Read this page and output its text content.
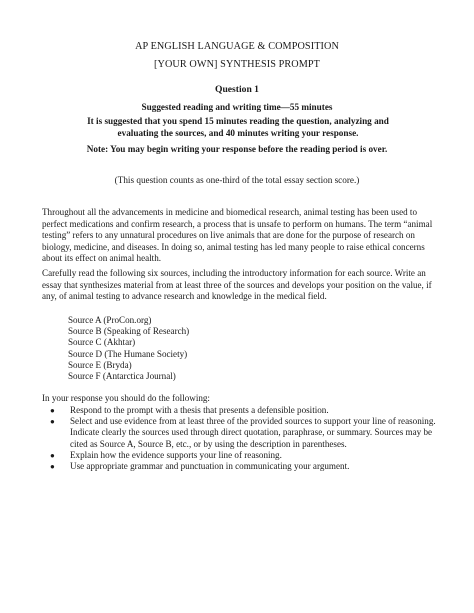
AP ENGLISH LANGUAGE & COMPOSITION
[YOUR OWN] SYNTHESIS PROMPT
Question 1
Suggested reading and writing time—55 minutes
It is suggested that you spend 15 minutes reading the question, analyzing and evaluating the sources, and 40 minutes writing your response.
Note: You may begin writing your response before the reading period is over.
(This question counts as one-third of the total essay section score.)
Throughout all the advancements in medicine and biomedical research, animal testing has been used to perfect medications and confirm research, a process that is unsafe to perform on humans. The term “animal testing” refers to any unnatural procedures on live animals that are done for the purpose of research on biology, medicine, and diseases. In doing so, animal testing has led many people to raise ethical concerns about its effect on animal health.
Carefully read the following six sources, including the introductory information for each source. Write an essay that synthesizes material from at least three of the sources and develops your position on the value, if any, of animal testing to advance research and knowledge in the medical field.
Source A (ProCon.org)
Source B (Speaking of Research)
Source C (Akhtar)
Source D (The Humane Society)
Source E (Bryda)
Source F (Antarctica Journal)
In your response you should do the following:
● Respond to the prompt with a thesis that presents a defensible position.
● Select and use evidence from at least three of the provided sources to support your line of reasoning. Indicate clearly the sources used through direct quotation, paraphrase, or summary. Sources may be cited as Source A, Source B, etc., or by using the description in parentheses.
● Explain how the evidence supports your line of reasoning.
● Use appropriate grammar and punctuation in communicating your argument.
